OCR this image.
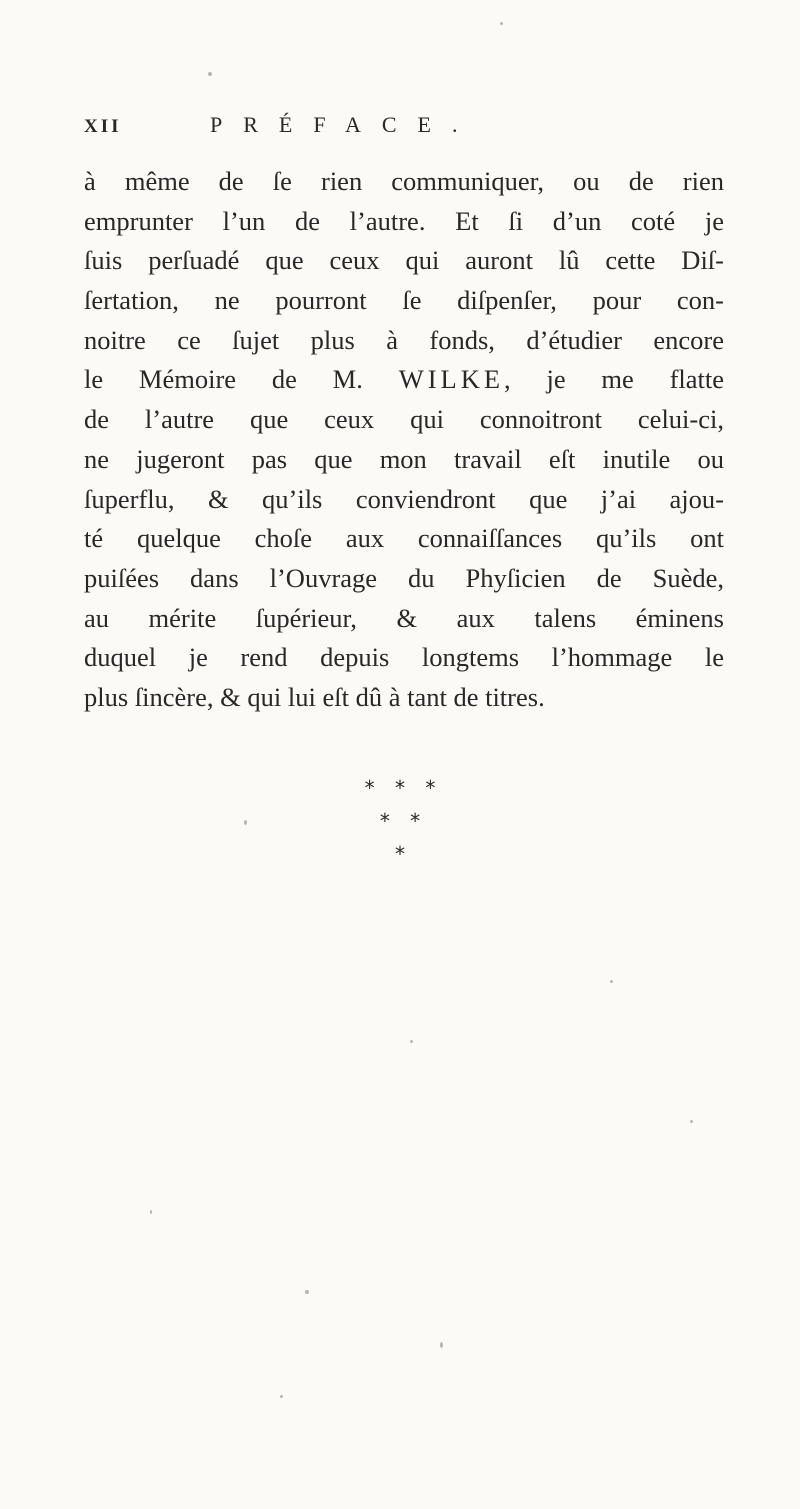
XII	PRÉFACE.
à même de ſe rien communiquer, ou de rien
emprunter l’un de l’autre. Et ſi d’un coté je
ſuis perſuadé que ceux qui auront lû cette Diſ-
ſertation, ne pourront ſe diſpenſer, pour con-
noitre ce ſujet plus à fonds, d’étudier encore
le Mémoire de M. WILKE, je me flatte
de l’autre que ceux qui connoitront celui-ci,
ne jugeront pas que mon travail eſt inutile ou
ſuperflu, & qu’ils conviendront que j’ai ajou-
té quelque choſe aux connaiſſances qu’ils ont
puiſées dans l’Ouvrage du Phyſicien de Suède,
au mérite ſupérieur, & aux talens éminens
duquel je rend depuis longtems l’hommage le
plus ſincère, & qui lui eſt dû à tant de titres.
* * *
* *
*
